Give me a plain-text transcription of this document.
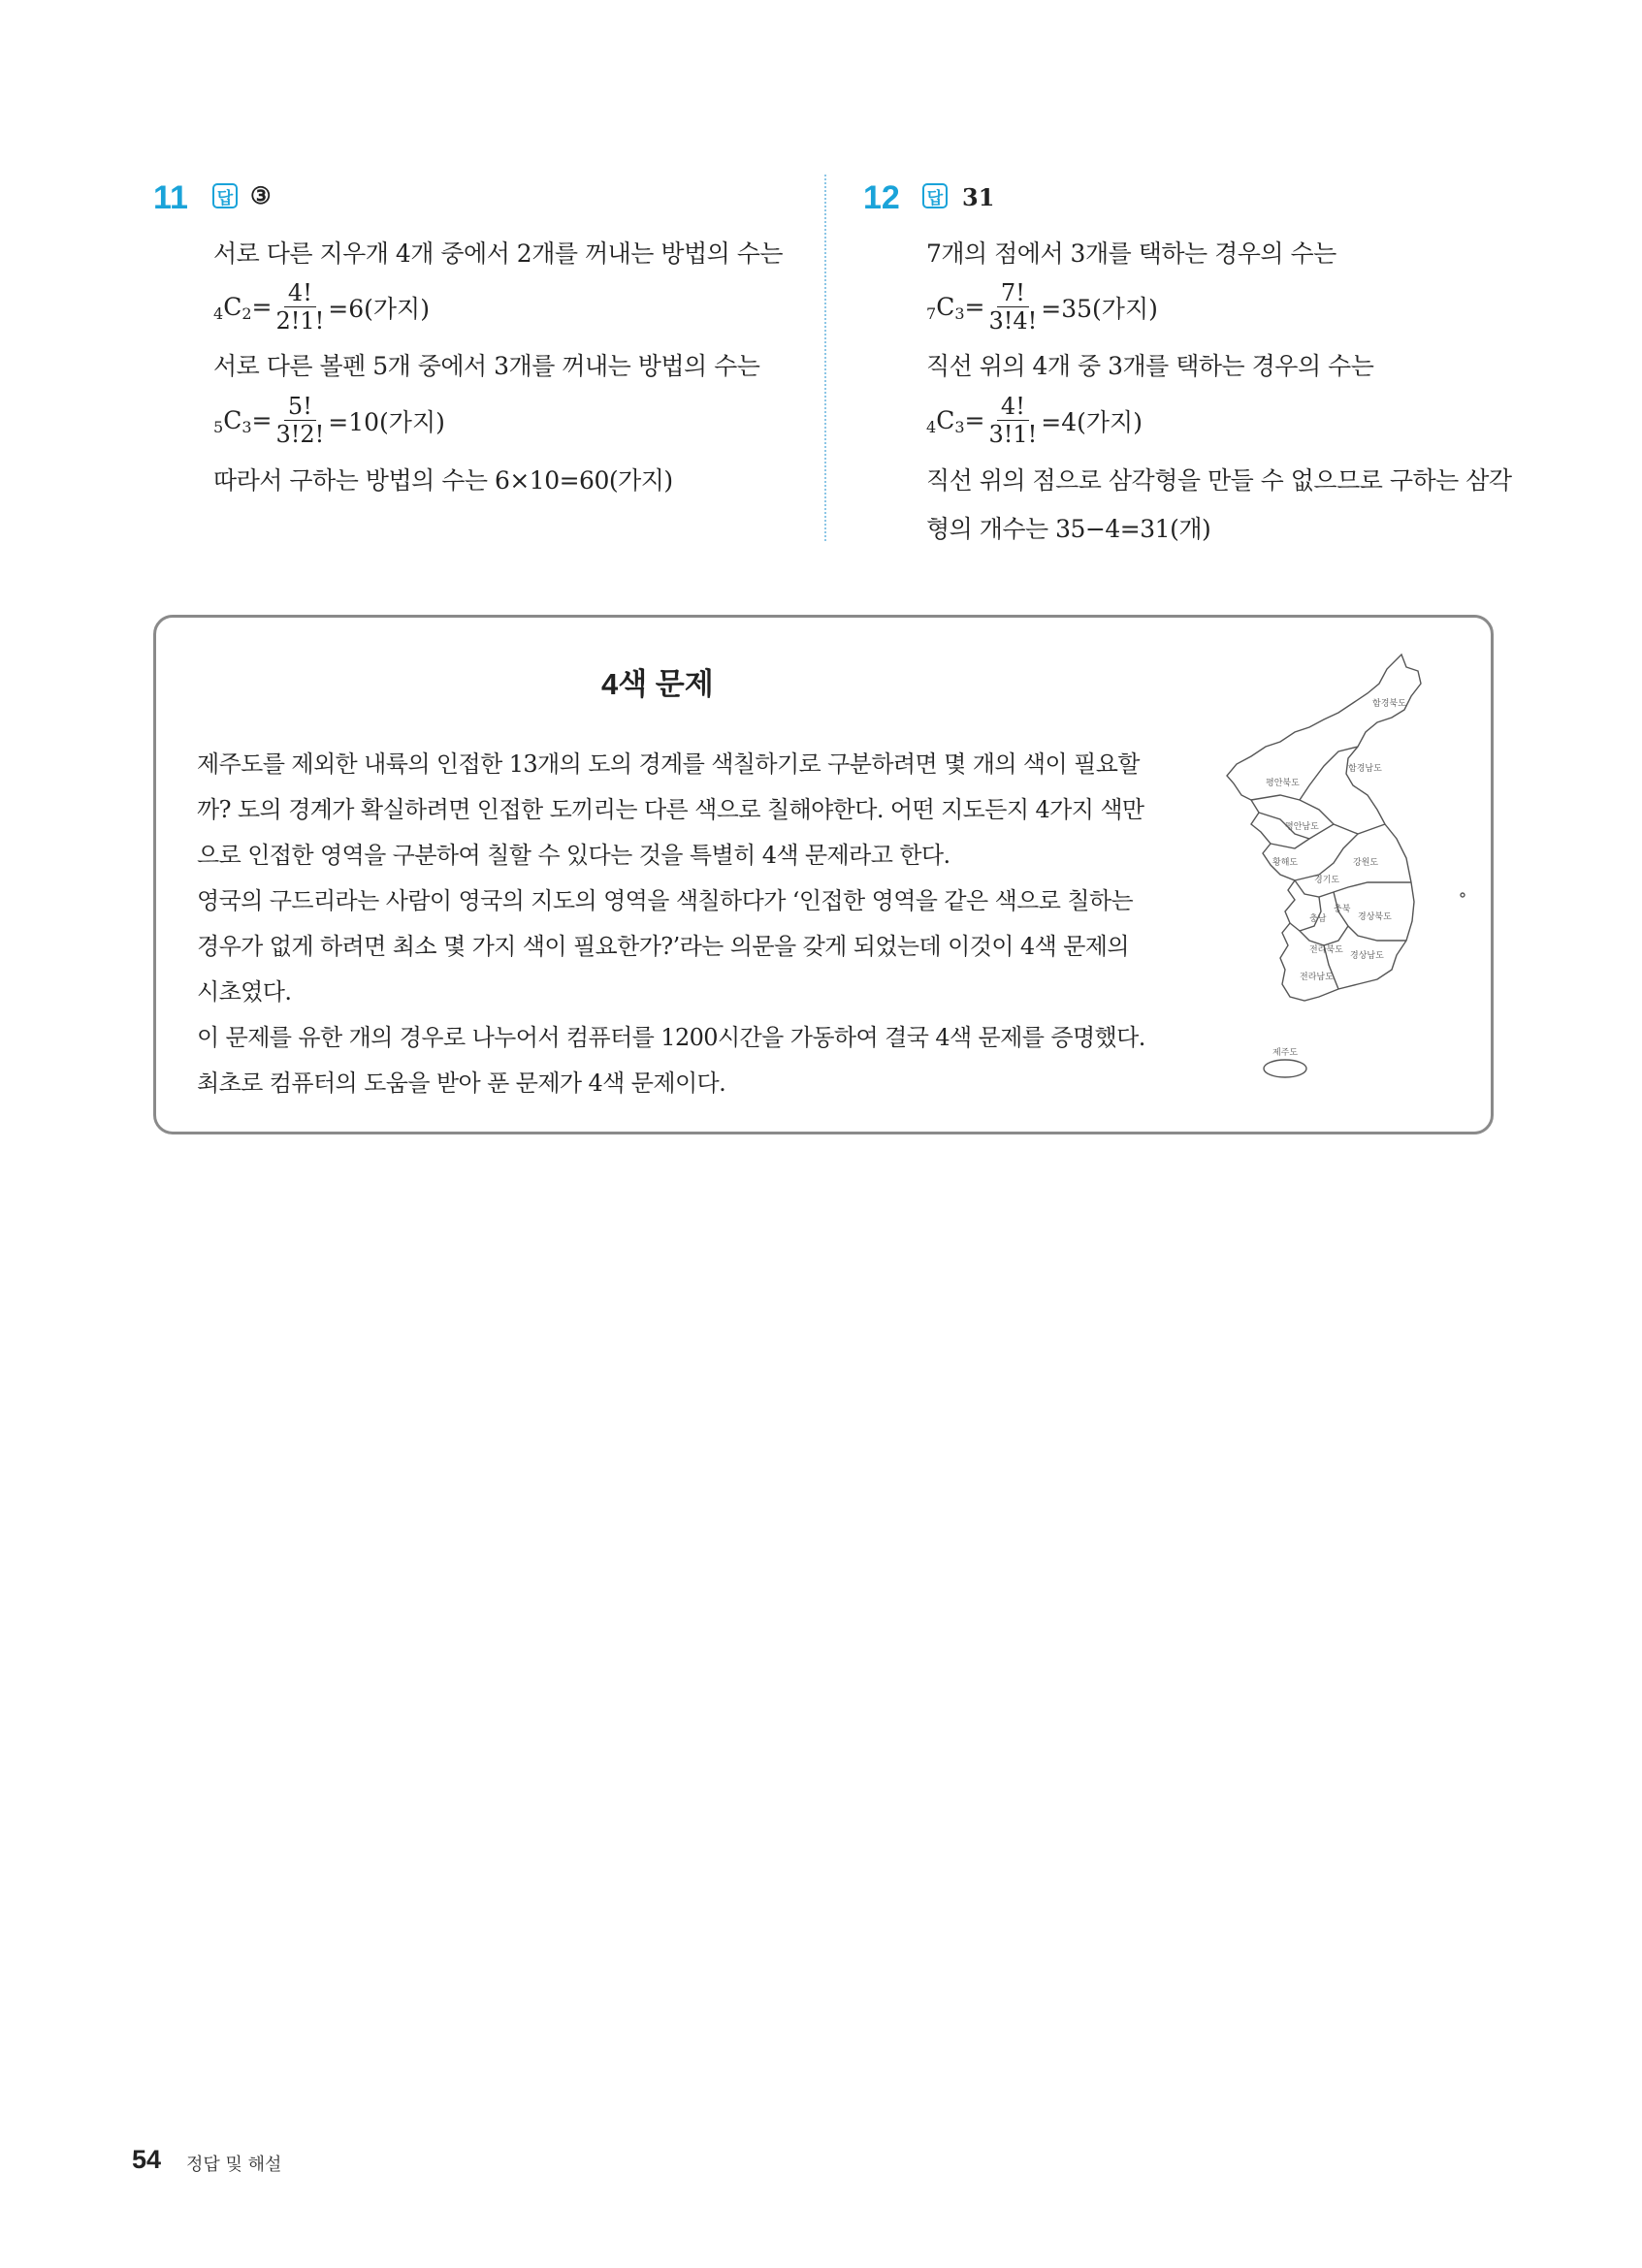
11 답 ③
서로 다른 지우개 4개 중에서 2개를 꺼내는 방법의 수는
4 C $2 = \frac{4!}{2!1!} =6$(가지)
서로 다른 볼펜 5개 중에서 3개를 꺼내는 방법의 수는
5 C $3 = \frac{5!}{3!2!} =10$(가지)
따라서 구하는 방법의 수는 6×10=60(가지)
12 답 31
7개의 점에서 3개를 택하는 경우의 수는
7 C $3 = \frac{7!}{3!4!} =35$(가지)
직선 위의 4개 중 3개를 택하는 경우의 수는
4 C $3 = \frac{4!}{3!1!} =4$(가지)
직선 위의 점으로 삼각형을 만들 수 없으므로 구하는 삼각
형의 개수는 35−4=31(개)
4색 문제
제주도를 제외한 내륙의 인접한 13개의 도의 경계를 색칠하기로 구분하려면 몇 개의 색이 필요할
까? 도의 경계가 확실하려면 인접한 도끼리는 다른 색으로 칠해야한다. 어떤 지도든지 4가지 색만
으로 인접한 영역을 구분하여 칠할 수 있다는 것을 특별히 4색 문제라고 한다.
영국의 구드리라는 사람이 영국의 지도의 영역을 색칠하다가 ‘인접한 영역을 같은 색으로 칠하는
경우가 없게 하려면 최소 몇 가지 색이 필요한가?’라는 의문을 갖게 되었는데 이것이 4색 문제의
시초였다.
이 문제를 유한 개의 경우로 나누어서 컴퓨터를 1200시간을 가동하여 결국 4색 문제를 증명했다.
최초로 컴퓨터의 도움을 받아 푼 문제가 4색 문제이다.
함경북도
함경남도
평안북도
평안남도
황해도	강원도
경기도
충북
충남	경상북도
전라북도
경상남도
전라남도
제주도
54 정답 및 해설
